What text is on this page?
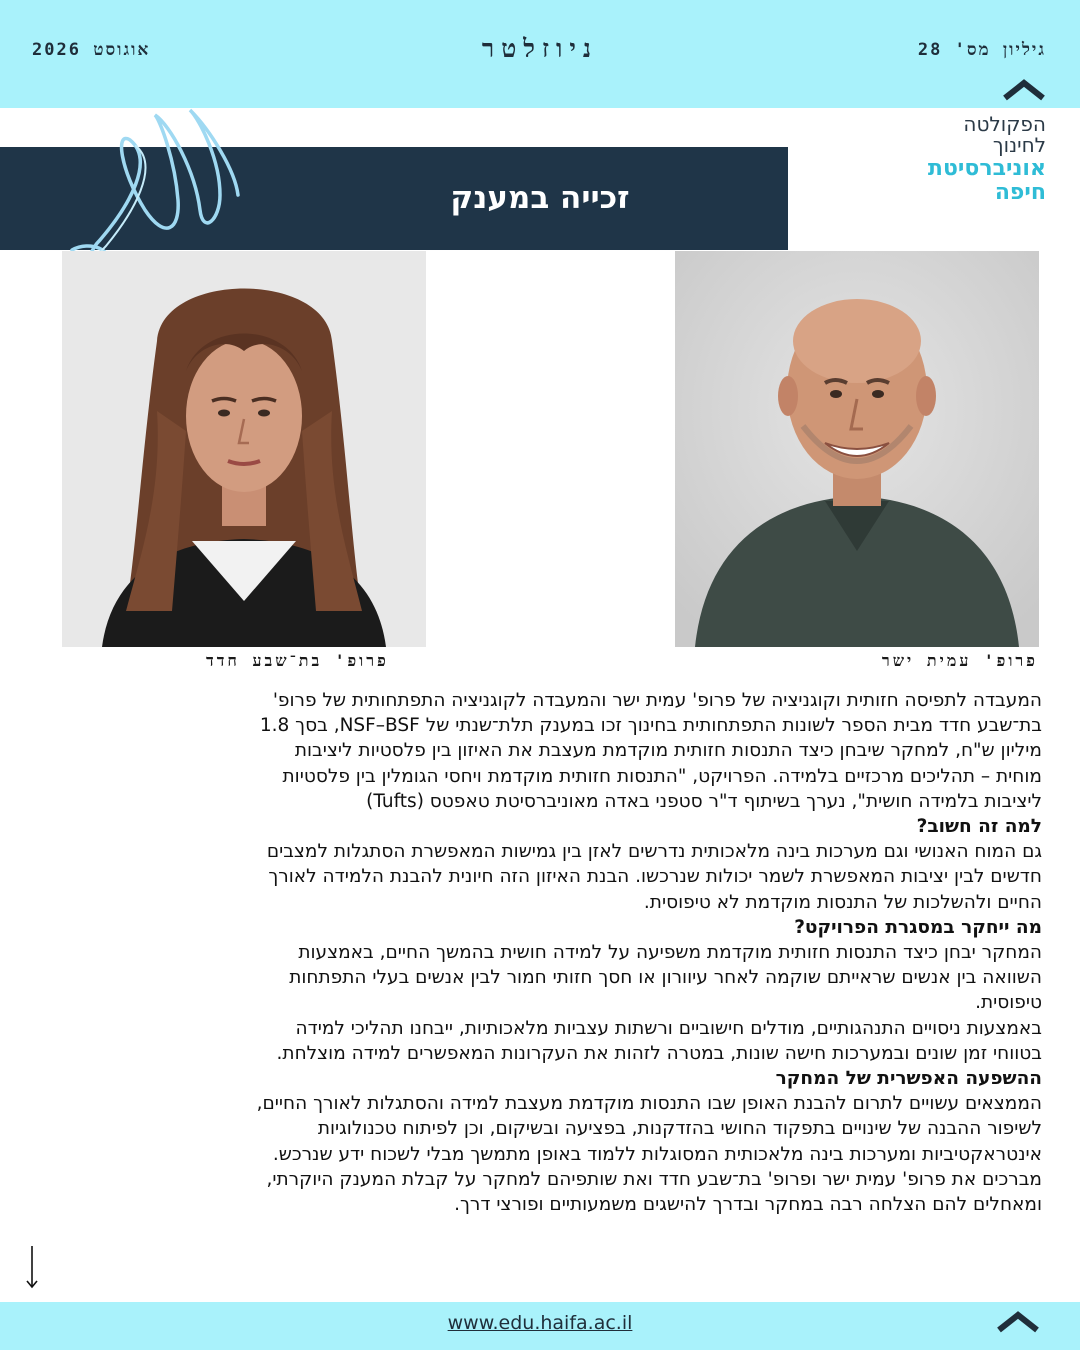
גיליון מס' 28
ניוזלטר
אוגוסט 2026
הפקולטה
לחינוך
אוניברסיטת
חיפה
זכייה במענק
פרופ' עמית ישר
פרופ' בת־שבע חדד

המעבדה לתפיסה חזותית וקוגניציה של פרופ' עמית ישר והמעבדה לקוגניציה התפתחותית של פרופ'

בת־שבע חדד מבית הספר לשונות התפתחותית בחינוך זכו במענק תלת־שנתי של NSF–BSF, בסך 1.8

מיליון ש"ח, למחקר שיבחן כיצד התנסות חזותית מוקדמת מעצבת את האיזון בין פלסטיות ליציבות

מוחית – תהליכים מרכזיים בלמידה. הפרויקט, "התנסות חזותית מוקדמת ויחסי הגומלין בין פלסטיות

ליציבות בלמידה חושית", נערך בשיתוף ד"ר סטפני באדה מאוניברסיטת טאפטס (Tufts)

למה זה חשוב?

גם המוח האנושי וגם מערכות בינה מלאכותית נדרשים לאזן בין גמישות המאפשרת הסתגלות למצבים

חדשים לבין יציבות המאפשרת לשמר יכולות שנרכשו. הבנת האיזון הזה חיונית להבנת הלמידה לאורך

החיים ולהשלכות של התנסות מוקדמת לא טיפוסית.

מה ייחקר במסגרת הפרויקט?

המחקר יבחן כיצד התנסות חזותית מוקדמת משפיעה על למידה חושית בהמשך החיים, באמצעות

השוואה בין אנשים שראייתם שוקמה לאחר עיוורון או חסך חזותי חמור לבין אנשים בעלי התפתחות

טיפוסית.

באמצעות ניסויים התנהגותיים, מודלים חישוביים ורשתות עצביות מלאכותיות, ייבחנו תהליכי למידה

בטווחי זמן שונים ובמערכות חישה שונות, במטרה לזהות את העקרונות המאפשרים למידה מוצלחת.

ההשפעה האפשרית של המחקר

הממצאים עשויים לתרום להבנת האופן שבו התנסות מוקדמת מעצבת למידה והסתגלות לאורך החיים,

לשיפור ההבנה של שינויים בתפקוד החושי בהזדקנות, בפציעה ובשיקום, וכן לפיתוח טכנולוגיות

אינטראקטיביות ומערכות בינה מלאכותית המסוגלות ללמוד באופן מתמשך מבלי לשכוח ידע שנרכש.

מברכים את פרופ' עמית ישר ופרופ' בת־שבע חדד ואת שותפיהם למחקר על קבלת המענק היוקרתי,

ומאחלים להם הצלחה רבה במחקר ובדרך להישגים משמעותיים ופורצי דרך.

www.edu.haifa.ac.il
